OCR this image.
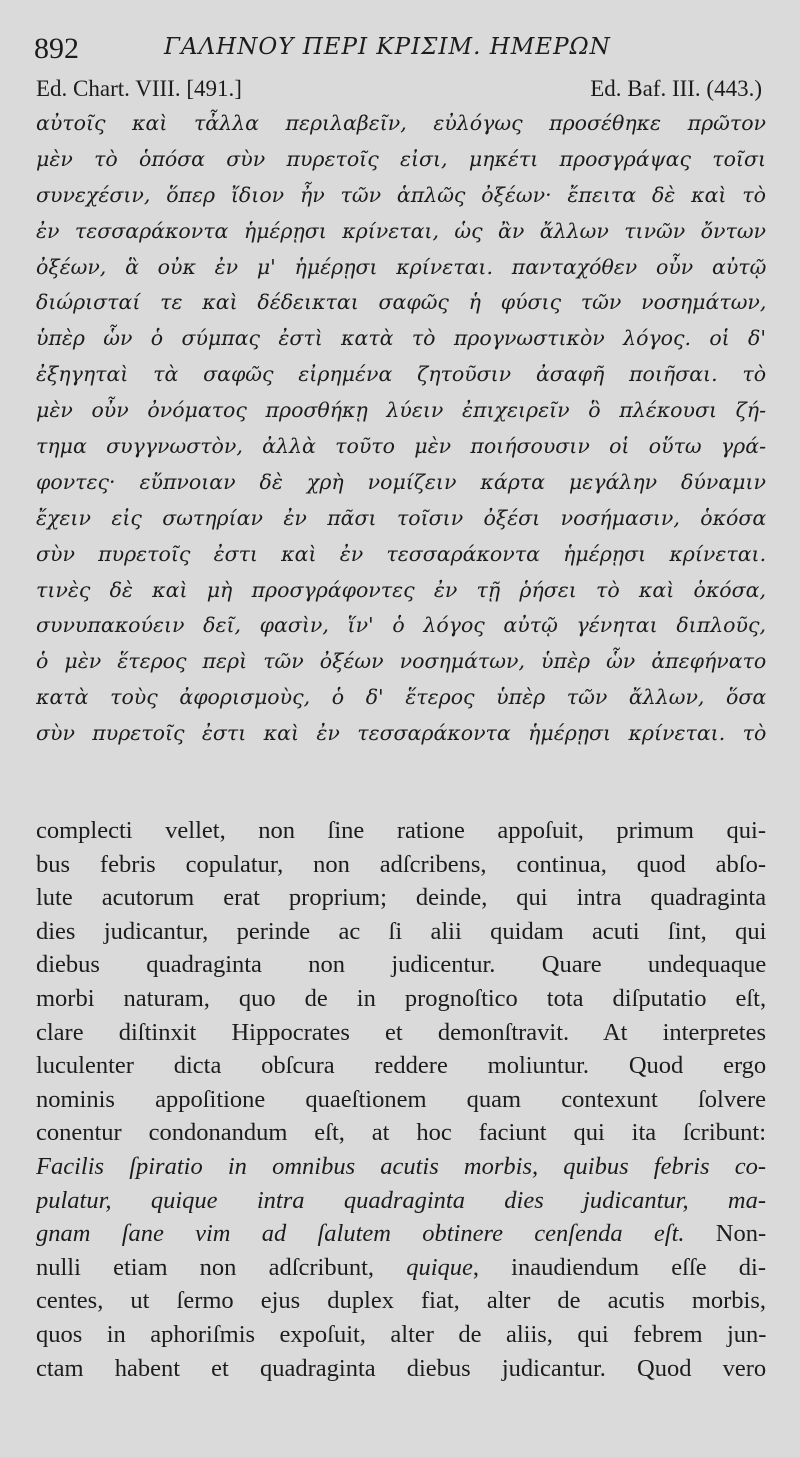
892	ΓΑΛΗΝΟΥ ΠΕΡΙ ΚΡΙΣΙΜ. ΗΜΕΡΩΝ
Ed. Chart. VIII. [491.]	Ed. Baf. III. (443.)
αὐτοῖς καὶ τἆλλα περιλαβεῖν, εὐλόγως προσέθηκε πρῶτον
μὲν τὸ ὁπόσα σὺν πυρετοῖς εἰσι, μηκέτι προσγράψας τοῖσι
συνεχέσιν, ὅπερ ἴδιον ἦν τῶν ἁπλῶς ὀξέων· ἔπειτα δὲ καὶ τὸ
ἐν τεσσαράκοντα ἡμέρῃσι κρίνεται, ὡς ἂν ἄλλων τινῶν ὄντων
ὀξέων, ἃ οὐκ ἐν μ' ἡμέρῃσι κρίνεται. πανταχόθεν οὖν αὐτῷ
διώρισταί τε καὶ δέδεικται σαφῶς ἡ φύσις τῶν νοσημάτων,
ὑπὲρ ὧν ὁ σύμπας ἐστὶ κατὰ τὸ προγνωστικὸν λόγος. οἱ δ'
ἐξηγηταὶ τὰ σαφῶς εἰρημένα ζητοῦσιν ἀσαφῆ ποιῆσαι. τὸ
μὲν οὖν ὀνόματος προσθήκῃ λύειν ἐπιχειρεῖν ὃ πλέκουσι ζή-
τημα συγγνωστὸν, ἀλλὰ τοῦτο μὲν ποιήσουσιν οἱ οὕτω γρά-
φοντες· εὔπνοιαν δὲ χρὴ νομίζειν κάρτα μεγάλην δύναμιν
ἔχειν εἰς σωτηρίαν ἐν πᾶσι τοῖσιν ὀξέσι νοσήμασιν, ὁκόσα
σὺν πυρετοῖς ἐστι καὶ ἐν τεσσαράκοντα ἡμέρῃσι κρίνεται.
τινὲς δὲ καὶ μὴ προσγράφοντες ἐν τῇ ῥήσει τὸ καὶ ὁκόσα,
συνυπακούειν δεῖ, φασὶν, ἵν' ὁ λόγος αὐτῷ γένηται διπλοῦς,
ὁ μὲν ἕτερος περὶ τῶν ὀξέων νοσημάτων, ὑπὲρ ὧν ἀπεφήνατο
κατὰ τοὺς ἀφορισμοὺς, ὁ δ' ἕτερος ὑπὲρ τῶν ἄλλων, ὅσα
σὺν πυρετοῖς ἐστι καὶ ἐν τεσσαράκοντα ἡμέρῃσι κρίνεται. τὸ
complecti vellet, non ſine ratione appoſuit, primum qui-
bus febris copulatur, non adſcribens, continua, quod abſo-
lute acutorum erat proprium; deinde, qui intra quadraginta
dies judicantur, perinde ac ſi alii quidam acuti ſint, qui
diebus quadraginta non judicentur. Quare undequaque
morbi naturam, quo de in prognoſtico tota diſputatio eſt,
clare diſtinxit Hippocrates et demonſtravit. At interpretes
luculenter dicta obſcura reddere moliuntur. Quod ergo
nominis appoſitione quaeſtionem quam contexunt ſolvere
conentur condonandum eſt, at hoc faciunt qui ita ſcribunt:
Facilis ſpiratio in omnibus acutis morbis, quibus febris co-
pulatur, quique intra quadraginta dies judicantur, ma-
gnam ſane vim ad ſalutem obtinere cenſenda eſt. Non-
nulli etiam non adſcribunt, quique, inaudiendum eſſe di-
centes, ut ſermo ejus duplex fiat, alter de acutis morbis,
quos in aphoriſmis expoſuit, alter de aliis, qui febrem jun-
ctam habent et quadraginta diebus judicantur. Quod vero
